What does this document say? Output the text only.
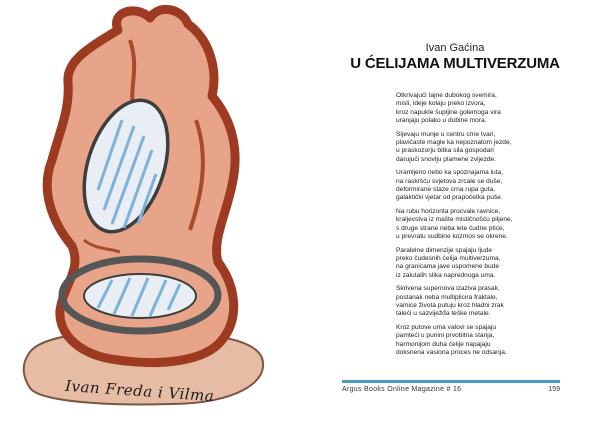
Ivan Freda i Vilma
Ivan Gaćina
U ĆELIJAMA MULTIVERZUMA
Otkrivajući tajne dubokog svemira,
misli, ideje kolaju preko izvora,
kroz napukle šupljine golemoga vira
uranjaju polako u dubine mora.
Sijevaju munje u centru crne tvari,
plavičaste magle ka nepoznatom jezde,
u praskozorju bitka sila gospodari
darujući snovlju plamene zvijezde.
Uramljeno nebo ka spoznajama luta,
na raskršću svjetova zrcale se duše,
deformirane staze crna rupa guta,
galaktički vjetar od prapočetka puše.
Na rubu horizonta procvale ravnice,
kraljevstva iz mašte mističnošću piljene,
s druge strane neba lete čudne ptice,
u prevratu sudbine kozmos se okrene.
Paralelne dimenzije spajaju ljude
preko čudesnih ćelija multiverzuma,
na granicama jave uspomene bude
iz zalutalih slika naprednoga uma.
Skrivena supernova izaziva prasak,
postanak neba multiplicira fraktale,
vamice života putuju kroz hladni zrak
taleći u sazviježđa teške metale.
Kroz putove uma valovi se spajaju
pamteći u punini prvobitna stanja,
harmonijom duha ćelije napajaju
doksnena vasiona proces ne odsanja.
Argus Books Online Magazine # 16	159
